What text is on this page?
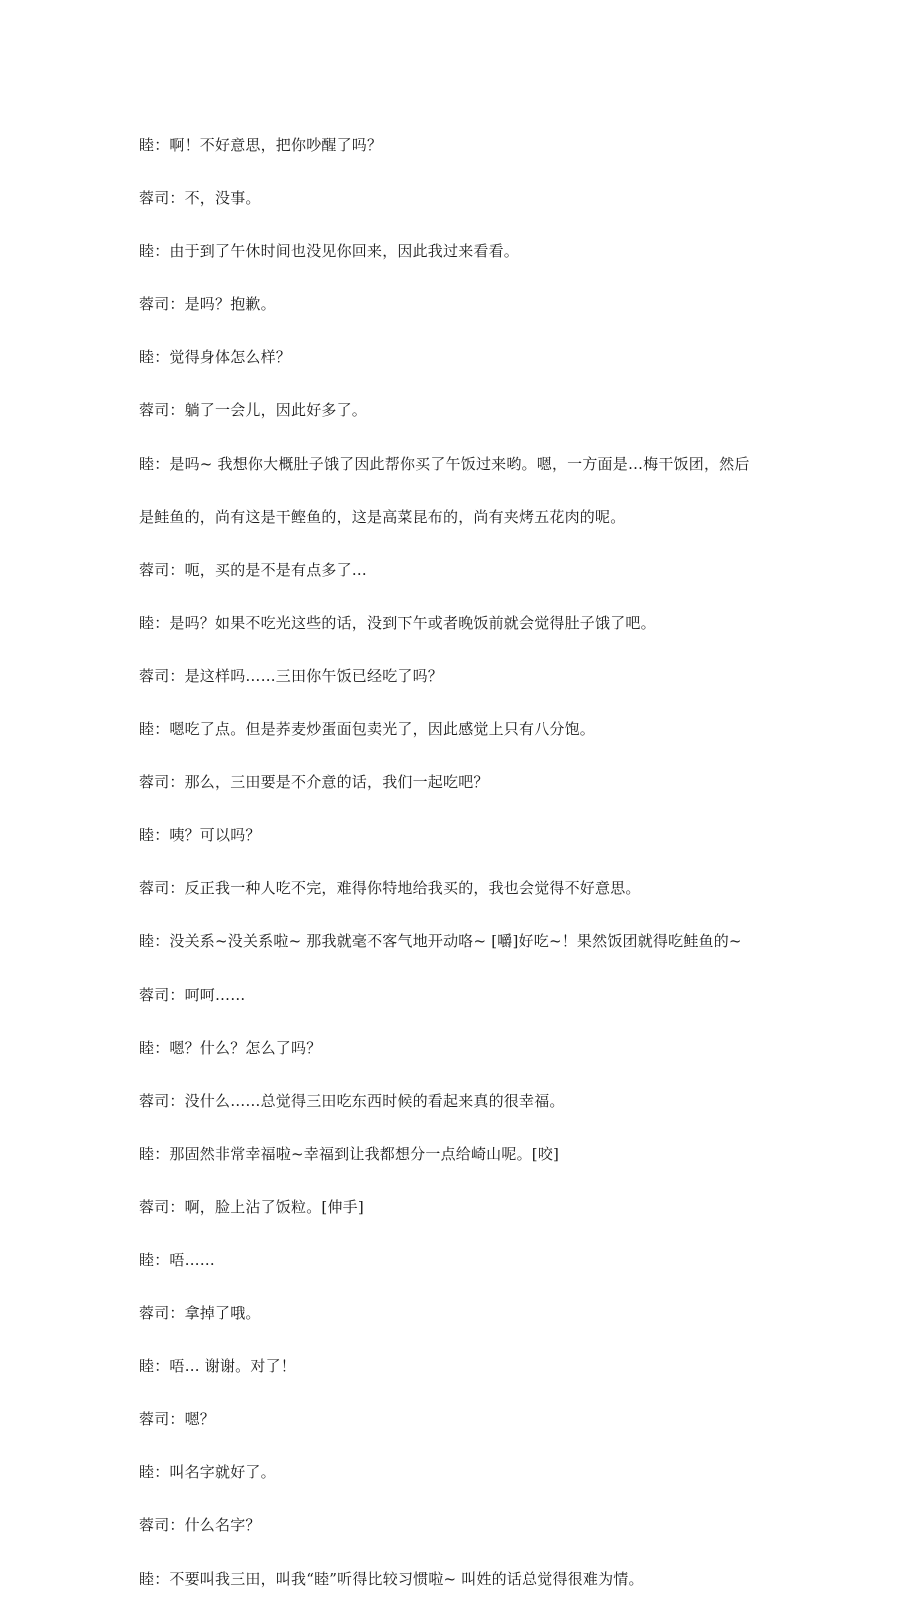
睦：啊！不好意思，把你吵醒了吗？

蓉司：不，没事。

睦：由于到了午休时间也没见你回来，因此我过来看看。

蓉司：是吗？抱歉。

睦：觉得身体怎么样？

蓉司：躺了一会儿，因此好多了。

睦：是吗~ 我想你大概肚子饿了因此帮你买了午饭过来哟。嗯，一方面是…梅干饭团，然后

是鲑鱼的，尚有这是干鲣鱼的，这是高菜昆布的，尚有夹烤五花肉的呢。

蓉司：呃，买的是不是有点多了…

睦：是吗？如果不吃光这些的话，没到下午或者晚饭前就会觉得肚子饿了吧。

蓉司：是这样吗……三田你午饭已经吃了吗？

睦：嗯吃了点。但是荞麦炒蛋面包卖光了，因此感觉上只有八分饱。

蓉司：那么，三田要是不介意的话，我们一起吃吧？

睦：咦？可以吗？

蓉司：反正我一种人吃不完，难得你特地给我买的，我也会觉得不好意思。

睦：没关系~没关系啦~ 那我就毫不客气地开动咯~ [嚼]好吃~！果然饭团就得吃鲑鱼的~

蓉司：呵呵……

睦：嗯？什么？怎么了吗？

蓉司：没什么……总觉得三田吃东西时候的看起来真的很幸福。

睦：那固然非常幸福啦~幸福到让我都想分一点给崎山呢。[咬]

蓉司：啊，脸上沾了饭粒。[伸手]

睦：唔……

蓉司：拿掉了哦。

睦：唔… 谢谢。对了！

蓉司：嗯？

睦：叫名字就好了。

蓉司：什么名字？

睦：不要叫我三田，叫我“睦”听得比较习惯啦~ 叫姓的话总觉得很难为情。
